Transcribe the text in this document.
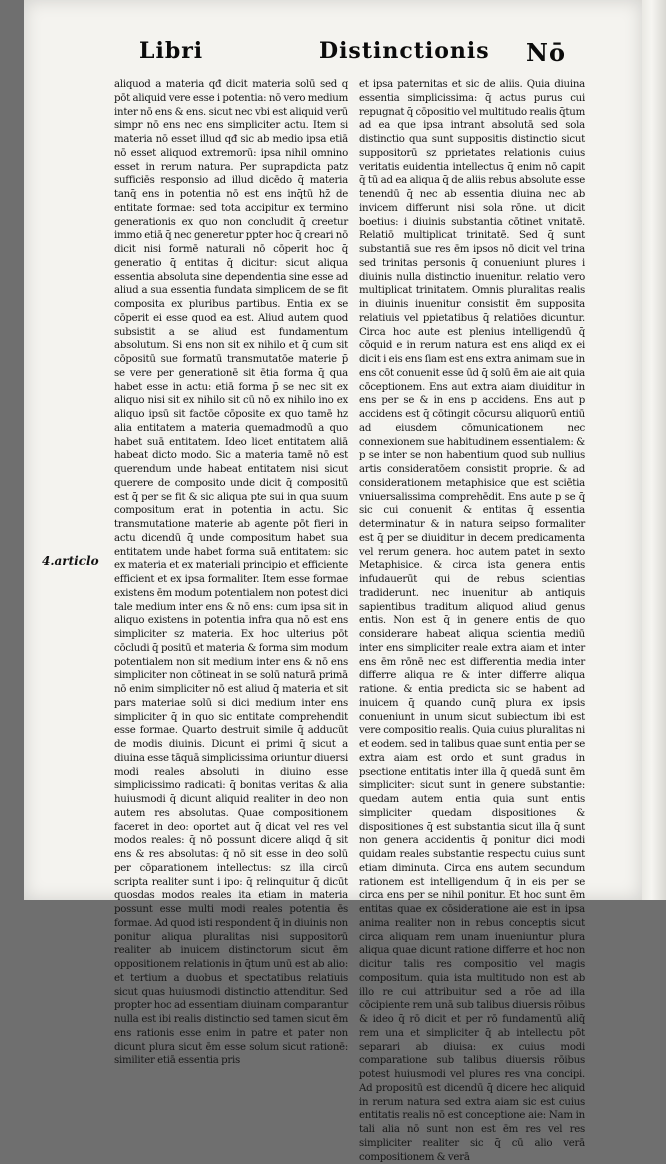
Libri	Distinctionis Nō
aliquod a materia qđ dicit materia solū sed q pōt aliquid vere esse i potentia: nō vero medium inter nō ens & ens. sicut nec vbi est aliquid verū simpr nō ens nec ens simpliciter actu. Item si materia nō esset illud qđ sic ab medio ipsa etiā nō esset aliquod extremorū: ipsa nihil omnino esset in rerum natura. Per suprapdicta patz sufficiēs responsio ad illud dicēdo q̄ materia tanq̄ ens in potentia nō est ens inq̄tū hz̄ de entitate formae: sed tota accipitur ex termino generationis ex quo non concludit q̄ creetur immo etiā q̄ nec generetur ppter hoc q̄ creari nō dicit nisi formē naturali nō cōperit hoc q̄ generatio q̄ entitas q̄ dicitur: sicut aliqua essentia absoluta sine dependentia sine esse ad aliud a sua essentia fundata simplicem de se fit composita ex pluribus partibus. Entia ex se cōperit ei esse quod ea est. Aliud autem quod subsistit a se aliud est fundamentum absolutum. Si ens non sit ex nihilo et q̄ cum sit cōpositū sue formatū transmutatōe materie p̄ se vere per generationē sit ētia forma q̄ qua habet esse in actu: etiā forma p̄ se nec sit ex aliquo nisi sit ex nihilo sit cū nō ex nihilo ino ex aliquo ipsū sit factōe cōposite ex quo tamē hz alia entitatem a materia quemadmodū a quo habet suā entitatem. Ideo licet entitatem aliā habeat dicto modo. Sic a materia tamē nō est querendum unde habeat entitatem nisi sicut querere de composito unde dicit q̄ compositū est q̄ per se fit & sic aliqua pte sui in qua suum compositum erat in potentia in actu. Sic transmutatione materie ab agente pōt fieri in actu dicendū q̄ unde compositum habet sua entitatem unde habet forma suā entitatem: sic ex materia et ex materiali principio et efficiente efficient et ex ipsa formaliter. Item esse formae existens ēm modum potentialem non potest dici tale medium inter ens & nō ens: cum ipsa sit in aliquo existens in potentia infra qua nō est ens simpliciter sz materia. Ex hoc ulterius pōt cōcludi q̄ positū et materia & forma sim modum potentialem non sit medium inter ens & nō ens simpliciter non cōtineat in se solū naturā primā nō enim simpliciter nō est aliud q̄ materia et sit pars materiae solū si dici medium inter ens simpliciter q̄ in quo sic entitate comprehendit esse formae. Quarto destruit simile q̄ adducūt de modis diuinis. Dicunt ei primi q̄ sicut a diuina esse tāquā simplicissima oriuntur diuersi modi reales absoluti in diuino esse simplicissimo radicati: q̄ bonitas veritas & alia huiusmodi q̄ dicunt aliquid realiter in deo non autem res absolutas. Quae compositionem faceret in deo: oportet aut q̄ dicat vel res vel modos reales: q̄ nō possunt dicere aliqd q̄ sit ens & res absolutas: q̄ nō sit esse in deo solū per cōparationem intellectus: sz illa circū scripta realiter sunt i ipo: q̄ relinquitur q̄ dicūt quosdas modos reales ita etiam in materia possunt esse multi modi reales potentia ēs formae. Ad quod isti respondent q̄ in diuinis non ponitur aliqua pluralitas nisi suppositorū realiter ab inuicem distinctorum sicut ēm oppositionem relationis in q̄tum unū est ab alio: et tertium a duobus et spectatibus relatiuis sicut quas huiusmodi distinctio attenditur. Sed propter hoc ad essentiam diuinam comparantur nulla est ibi realis distinctio sed tamen sicut ēm ens rationis esse enim in patre et pater non dicunt plura sicut ēm esse solum sicut rationē: similiter etiā essentia pris
et ipsa paternitas et sic de aliis. Quia diuina essentia simplicissima: q̄ actus purus cui repugnat q̄ cōpositio vel multitudo realis q̄tum ad ea que ipsa intrant absolutā sed sola distinctio qua sunt suppositis distinctio sicut suppositorū sz pprietates relationis cuius veritatis euidentia intellectus q̄ enim nō capit q̄ tū ad ea aliqua q̄ de aliis rebus absolute esse tenendū q̄ nec ab essentia diuina nec ab invicem differunt nisi sola rōne. ut dicit boetius: i diuinis substantia cōtinet vnitatē. Relatiō multiplicat trinitatē. Sed q̄ sunt substantiā sue res ēm ipsos nō dicit vel trina sed trinitas personis q̄ conueniunt plures i diuinis nulla distinctio inuenitur. relatio vero multiplicat trinitatem. Omnis pluralitas realis in diuinis inuenitur consistit ēm supposita relatiuis vel ppietatibus q̄ relatiōes dicuntur. Circa hoc aute est plenius intelligendū q̄ cōquid e in rerum natura est ens aliqd ex ei dicit i eis ens ſiam est ens extra animam sue in ens cōt conuenit esse ūd q̄ solū ēm aie ait quia cōceptionem. Ens aut extra aiam diuiditur in ens per se & in ens p accidens. Ens aut p accidens est q̄ cōtingit cōcursu aliquorū entiū ad eiusdem cōmunicationem nec connexionem sue habitudinem essentialem: & p se inter se non habentium quod sub nullius artis consideratōem consistit proprie. & ad considerationem metaphisice que est sciētia vniuersalissima comprehēdit. Ens aute p se q̄ sic cui conuenit & entitas q̄ essentia determinatur & in natura seipso formaliter est q̄ per se diuiditur in decem predicamenta vel rerum genera. hoc autem patet in sexto Metaphisice. & circa ista genera entis infudauerūt qui de rebus scientias tradiderunt. nec inuenitur ab antiquis sapientibus traditum aliquod aliud genus entis. Non est q̄ in genere entis de quo considerare habeat aliqua scientia mediū inter ens simpliciter reale extra aiam et inter ens ēm rōnē nec est differentia media inter differre aliqua re & inter differre aliqua ratione. & entia predicta sic se habent ad inuicem q̄ quando cunq̄ plura ex ipsis conueniunt in unum sicut subiectum ibi est vere compositio realis. Quia cuius pluralitas ni et eodem. sed in talibus quae sunt entia per se extra aiam est ordo et sunt gradus in psectione entitatis inter illa q̄ quedā sunt ēm simpliciter: sicut sunt in genere substantie: quedam autem entia quia sunt entis simpliciter quedam dispositiones & dispositiones q̄ est substantia sicut illa q̄ sunt non genera accidentis q̄ ponitur dici modi quidam reales substantie respectu cuius sunt etiam diminuta. Circa ens autem secundum rationem est intelligendum q̄ in eis per se circa ens per se nihil ponitur. Et hoc sunt ēm entitas quae ex cōsideratione aie est in ipsa anima realiter non in rebus conceptis sicut circa aliquam rem unam inueniuntur plura aliqua quae dicunt ratione differre et hoc non dicitur talis res compositio vel magis compositum. quia ista multitudo non est ab illo re cui attribuitur sed a rōe ad illa cōcipiente rem unā sub talibus diuersis rōibus & ideo q̄ rō dicit et per rō fundamentū aliq̄ rem una et simpliciter q̄ ab intellectu pōt separari ab diuisa: ex cuius modi comparatione sub talibus diuersis rōibus potest huiusmodi vel plures res vna concipi. Ad propositū est dicendū q̄ dicere hec aliquid in rerum natura sed extra aiam sic est cuius entitatis realis nō est conceptione aie: Nam in tali alia nō sunt non est ēm res vel res simpliciter realiter sic q̄ cū alio verā compositionem & verā
4.articlo
